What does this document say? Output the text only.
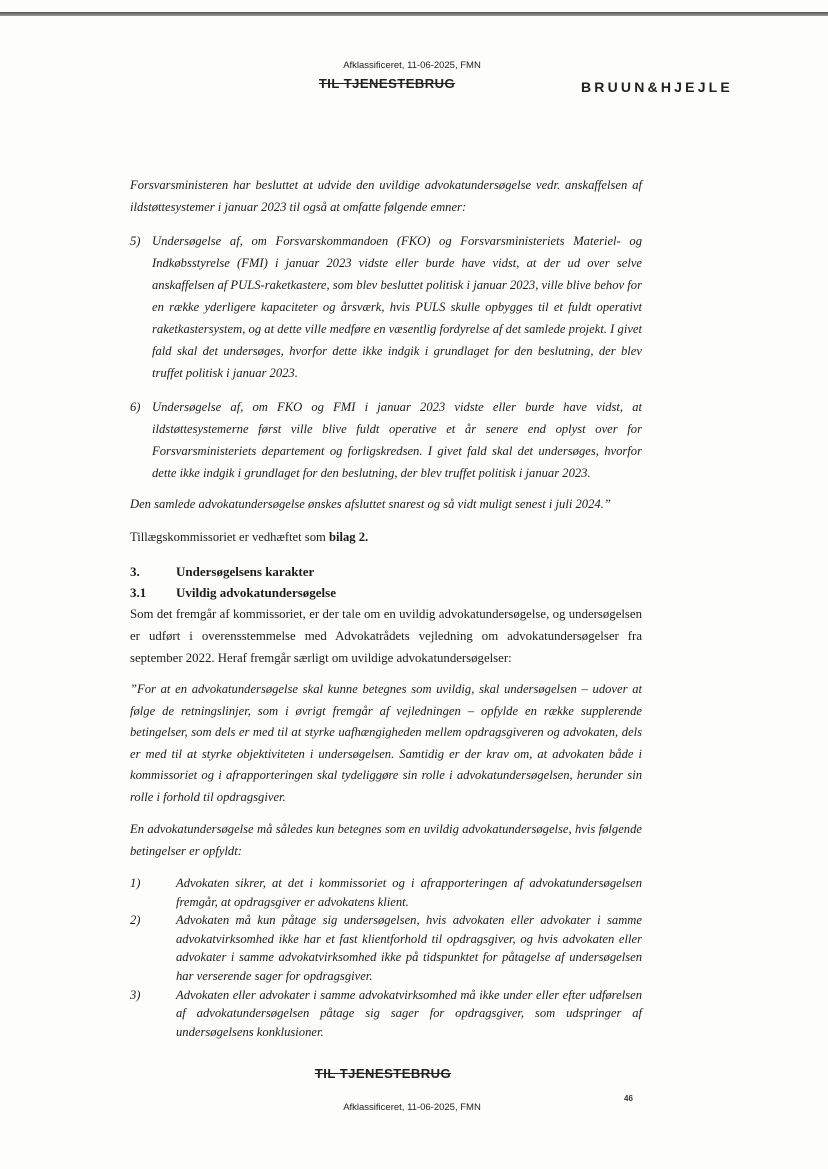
Afklassificeret, 11-06-2025, FMN
TIL TJENESTEBRUG	BRUUN&HJEJLE

Forsvarsministeren har besluttet at udvide den uvildige advokatundersøgelse vedr. anskaffelsen af ildstøttesystemer i januar 2023 til også at omfatte følgende emner:

5) Undersøgelse af, om Forsvarskommandoen (FKO) og Forsvarsministeriets Materiel- og Indkøbsstyrelse (FMI) i januar 2023 vidste eller burde have vidst, at der ud over selve anskaffelsen af PULS-raketkastere, som blev besluttet politisk i januar 2023, ville blive behov for en række yderligere kapaciteter og årsværk, hvis PULS skulle opbygges til et fuldt operativt raketkastersystem, og at dette ville medføre en væsentlig fordyrelse af det samlede projekt. I givet fald skal det undersøges, hvorfor dette ikke indgik i grundlaget for den beslutning, der blev truffet politisk i januar 2023.
6) Undersøgelse af, om FKO og FMI i januar 2023 vidste eller burde have vidst, at ildstøttesystemerne først ville blive fuldt operative et år senere end oplyst over for Forsvarsministeriets departement og forligskredsen. I givet fald skal det undersøges, hvorfor dette ikke indgik i grundlaget for den beslutning, der blev truffet politisk i januar 2023.

Den samlede advokatundersøgelse ønskes afsluttet snarest og så vidt muligt senest i juli 2024.”

Tillægskommissoriet er vedhæftet som bilag 2.

3.	Undersøgelsens karakter

3.1 Uvildig advokatundersøgelse

Som det fremgår af kommissoriet, er der tale om en uvildig advokatundersøgelse, og undersøgelsen er udført i overensstemmelse med Advokatrådets vejledning om advokatundersøgelser fra september 2022. Heraf fremgår særligt om uvildige advokatundersøgelser:

”For at en advokatundersøgelse skal kunne betegnes som uvildig, skal undersøgelsen – udover at følge de retningslinjer, som i øvrigt fremgår af vejledningen – opfylde en række supplerende betingelser, som dels er med til at styrke uafhængigheden mellem opdragsgiveren og advokaten, dels er med til at styrke objektiviteten i undersøgelsen. Samtidig er der krav om, at advokaten både i kommissoriet og i afrapporteringen skal tydeliggøre sin rolle i advokatundersøgelsen, herunder sin rolle i forhold til opdragsgiver.

En advokatundersøgelse må således kun betegnes som en uvildig advokatundersøgelse, hvis følgende betingelser er opfyldt:

1)	Advokaten sikrer, at det i kommissoriet og i afrapporteringen af advokatundersøgelsen fremgår, at opdragsgiver er advokatens klient.
2)	Advokaten må kun påtage sig undersøgelsen, hvis advokaten eller advokater i samme advokatvirksomhed ikke har et fast klientforhold til opdragsgiver, og hvis advokaten eller advokater i samme advokatvirksomhed ikke på tidspunktet for påtagelse af undersøgelsen har verserende sager for opdragsgiver.
3)	Advokaten eller advokater i samme advokatvirksomhed må ikke under eller efter udførelsen af advokatundersøgelsen påtage sig sager for opdragsgiver, som udspringer af undersøgelsens konklusioner.
TIL TJENESTEBRUG
Afklassificeret, 11-06-2025, FMN
46
